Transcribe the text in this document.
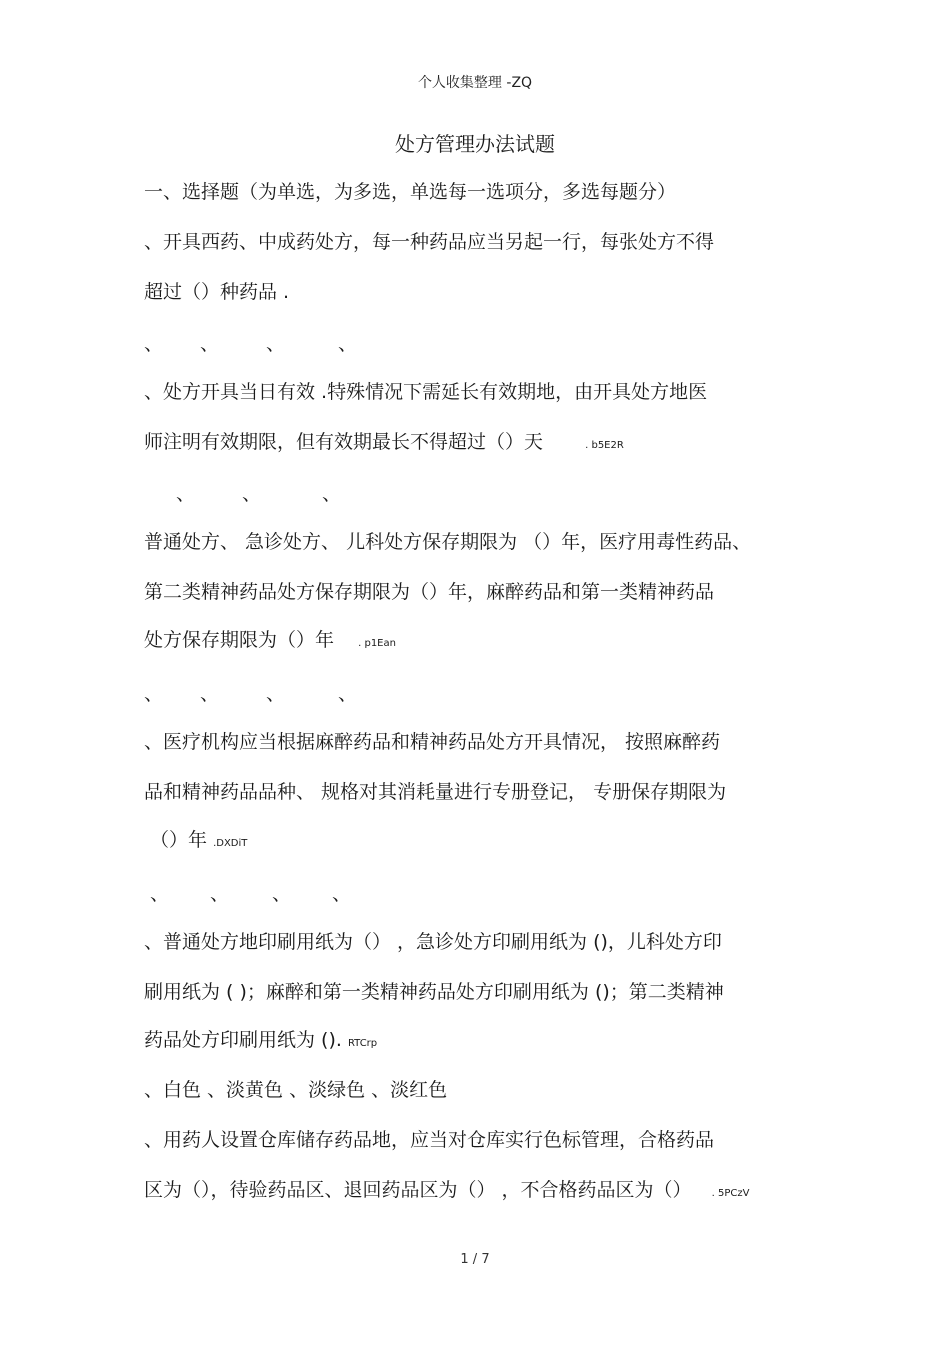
个人收集整理 -ZQ
处方管理办法试题
一、选择题（为单选，为多选，单选每一选项分，多选每题分）
、开具西药、中成药处方，每一种药品应当另起一行，每张处方不得
超过（）种药品 .
、 、 、	、
、处方开具当日有效 .特殊情况下需延长有效期地，由开具处方地医
师注明有效期限，但有效期最长不得超过（）天	. b5E2R
、 、	、
普通处方、 急诊处方、 儿科处方保存期限为 （）年，医疗用毒性药品、
第二类精神药品处方保存期限为（）年，麻醉药品和第一类精神药品
处方保存期限为（）年 . p1Ean
、 、 、	、
、医疗机构应当根据麻醉药品和精神药品处方开具情况， 按照麻醉药
品和精神药品品种、 规格对其消耗量进行专册登记， 专册保存期限为
（）年 .DXDiT
、 、 、 、
、普通处方地印刷用纸为（） ，急诊处方印刷用纸为 ()，儿科处方印
刷用纸为 ( )；麻醉和第一类精神药品处方印刷用纸为 ()；第二类精神
药品处方印刷用纸为 (). RTCrp
、白色 、淡黄色 、淡绿色 、淡红色
、用药人设置仓库储存药品地，应当对仓库实行色标管理，合格药品
区为（），待验药品区、退回药品区为（） ，不合格药品区为（） . 5PCzV
1 / 7
